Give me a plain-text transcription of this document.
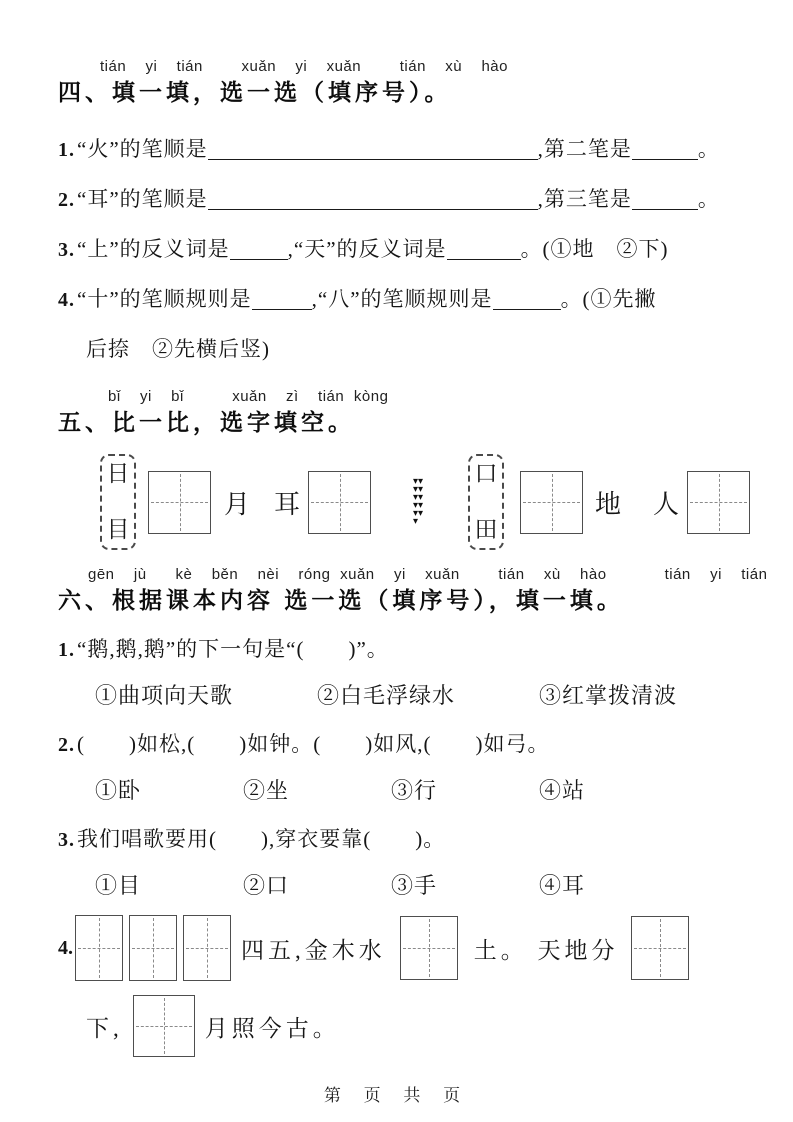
tián  yi  tián    xuǎn  yi  xuǎn    tián  xù  hào
四、填一填，选一选（填序号）。
1.“火”的笔顺是	,第二笔是	。
2.“耳”的笔顺是	,第三笔是	。
3.“上”的反义词是	,“天”的反义词是	。(①地　②下)
4.“十”的笔顺规则是	,“八”的笔顺规则是	。(①先撇
后捺　②先横后竖)
bǐ  yi  bǐ     xuǎn  zì  tián kòng
五、比一比，选字填空。
日
目
月 耳
▾▾▾▾▾▾▾▾▾▾▾
口
田
地 人
gēn  jù   kè  běn  nèi  róng xuǎn  yi  xuǎn    tián  xù  hào      tián  yi  tián
六、根据课本内容 选一选（填序号），填一填。
1.“鹅,鹅,鹅”的下一句是“(　　)”。
①曲项向天歌	②白毛浮绿水	③红掌拨清波
2.(　　)如松,(　　)如钟。(　　)如风,(　　)如弓。
①卧	②坐	③行	④站
3.我们唱歌要用(　　),穿衣要靠(　　)。
①目	②口	③手	④耳
4.	四五,金木水	土。 天地分
下,	月照今古。
第 页 共 页
